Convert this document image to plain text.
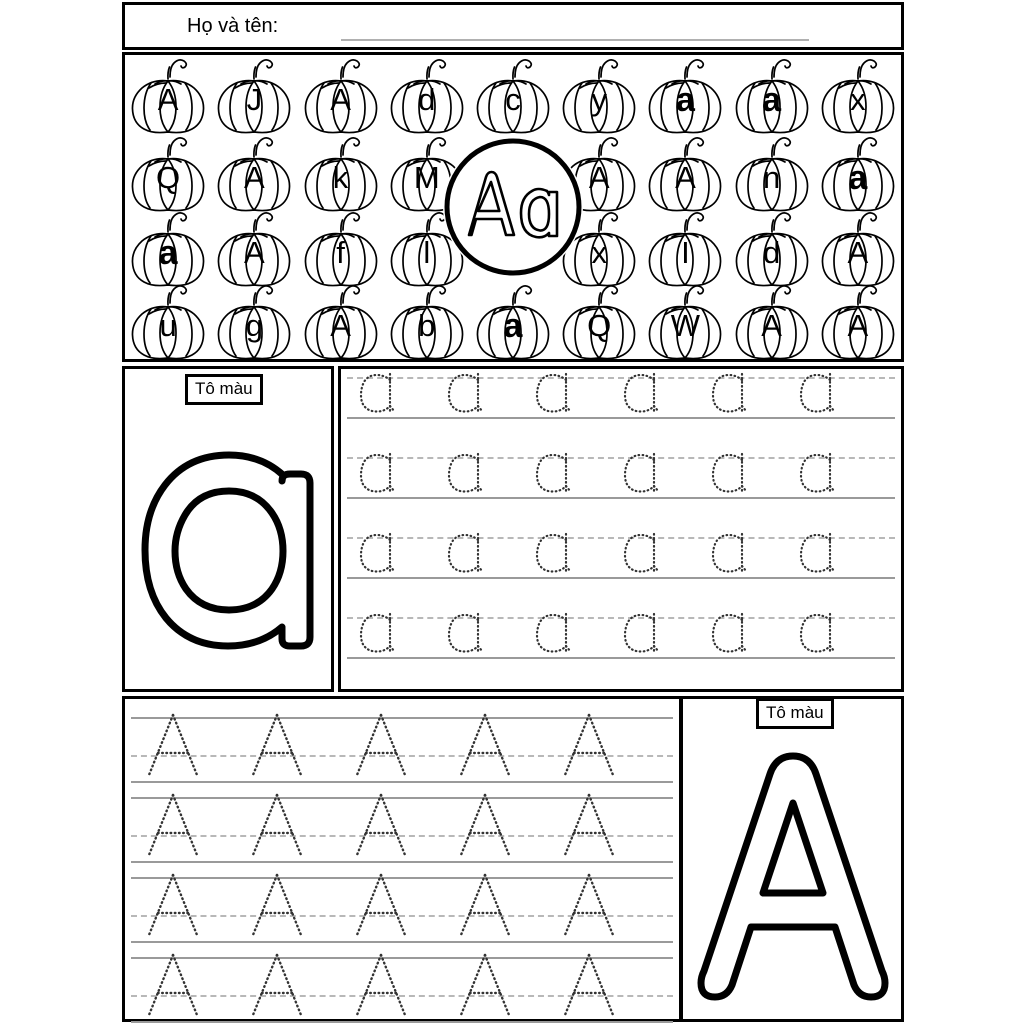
Họ và tên:
A	J	A	d	c	y	a	a	x
Q	A	k	M	A	A	n	a
a	A	f	l	x	I	d	A
u	g	A	b	a	Q	W	A	A
Tô màu
Tô màu
